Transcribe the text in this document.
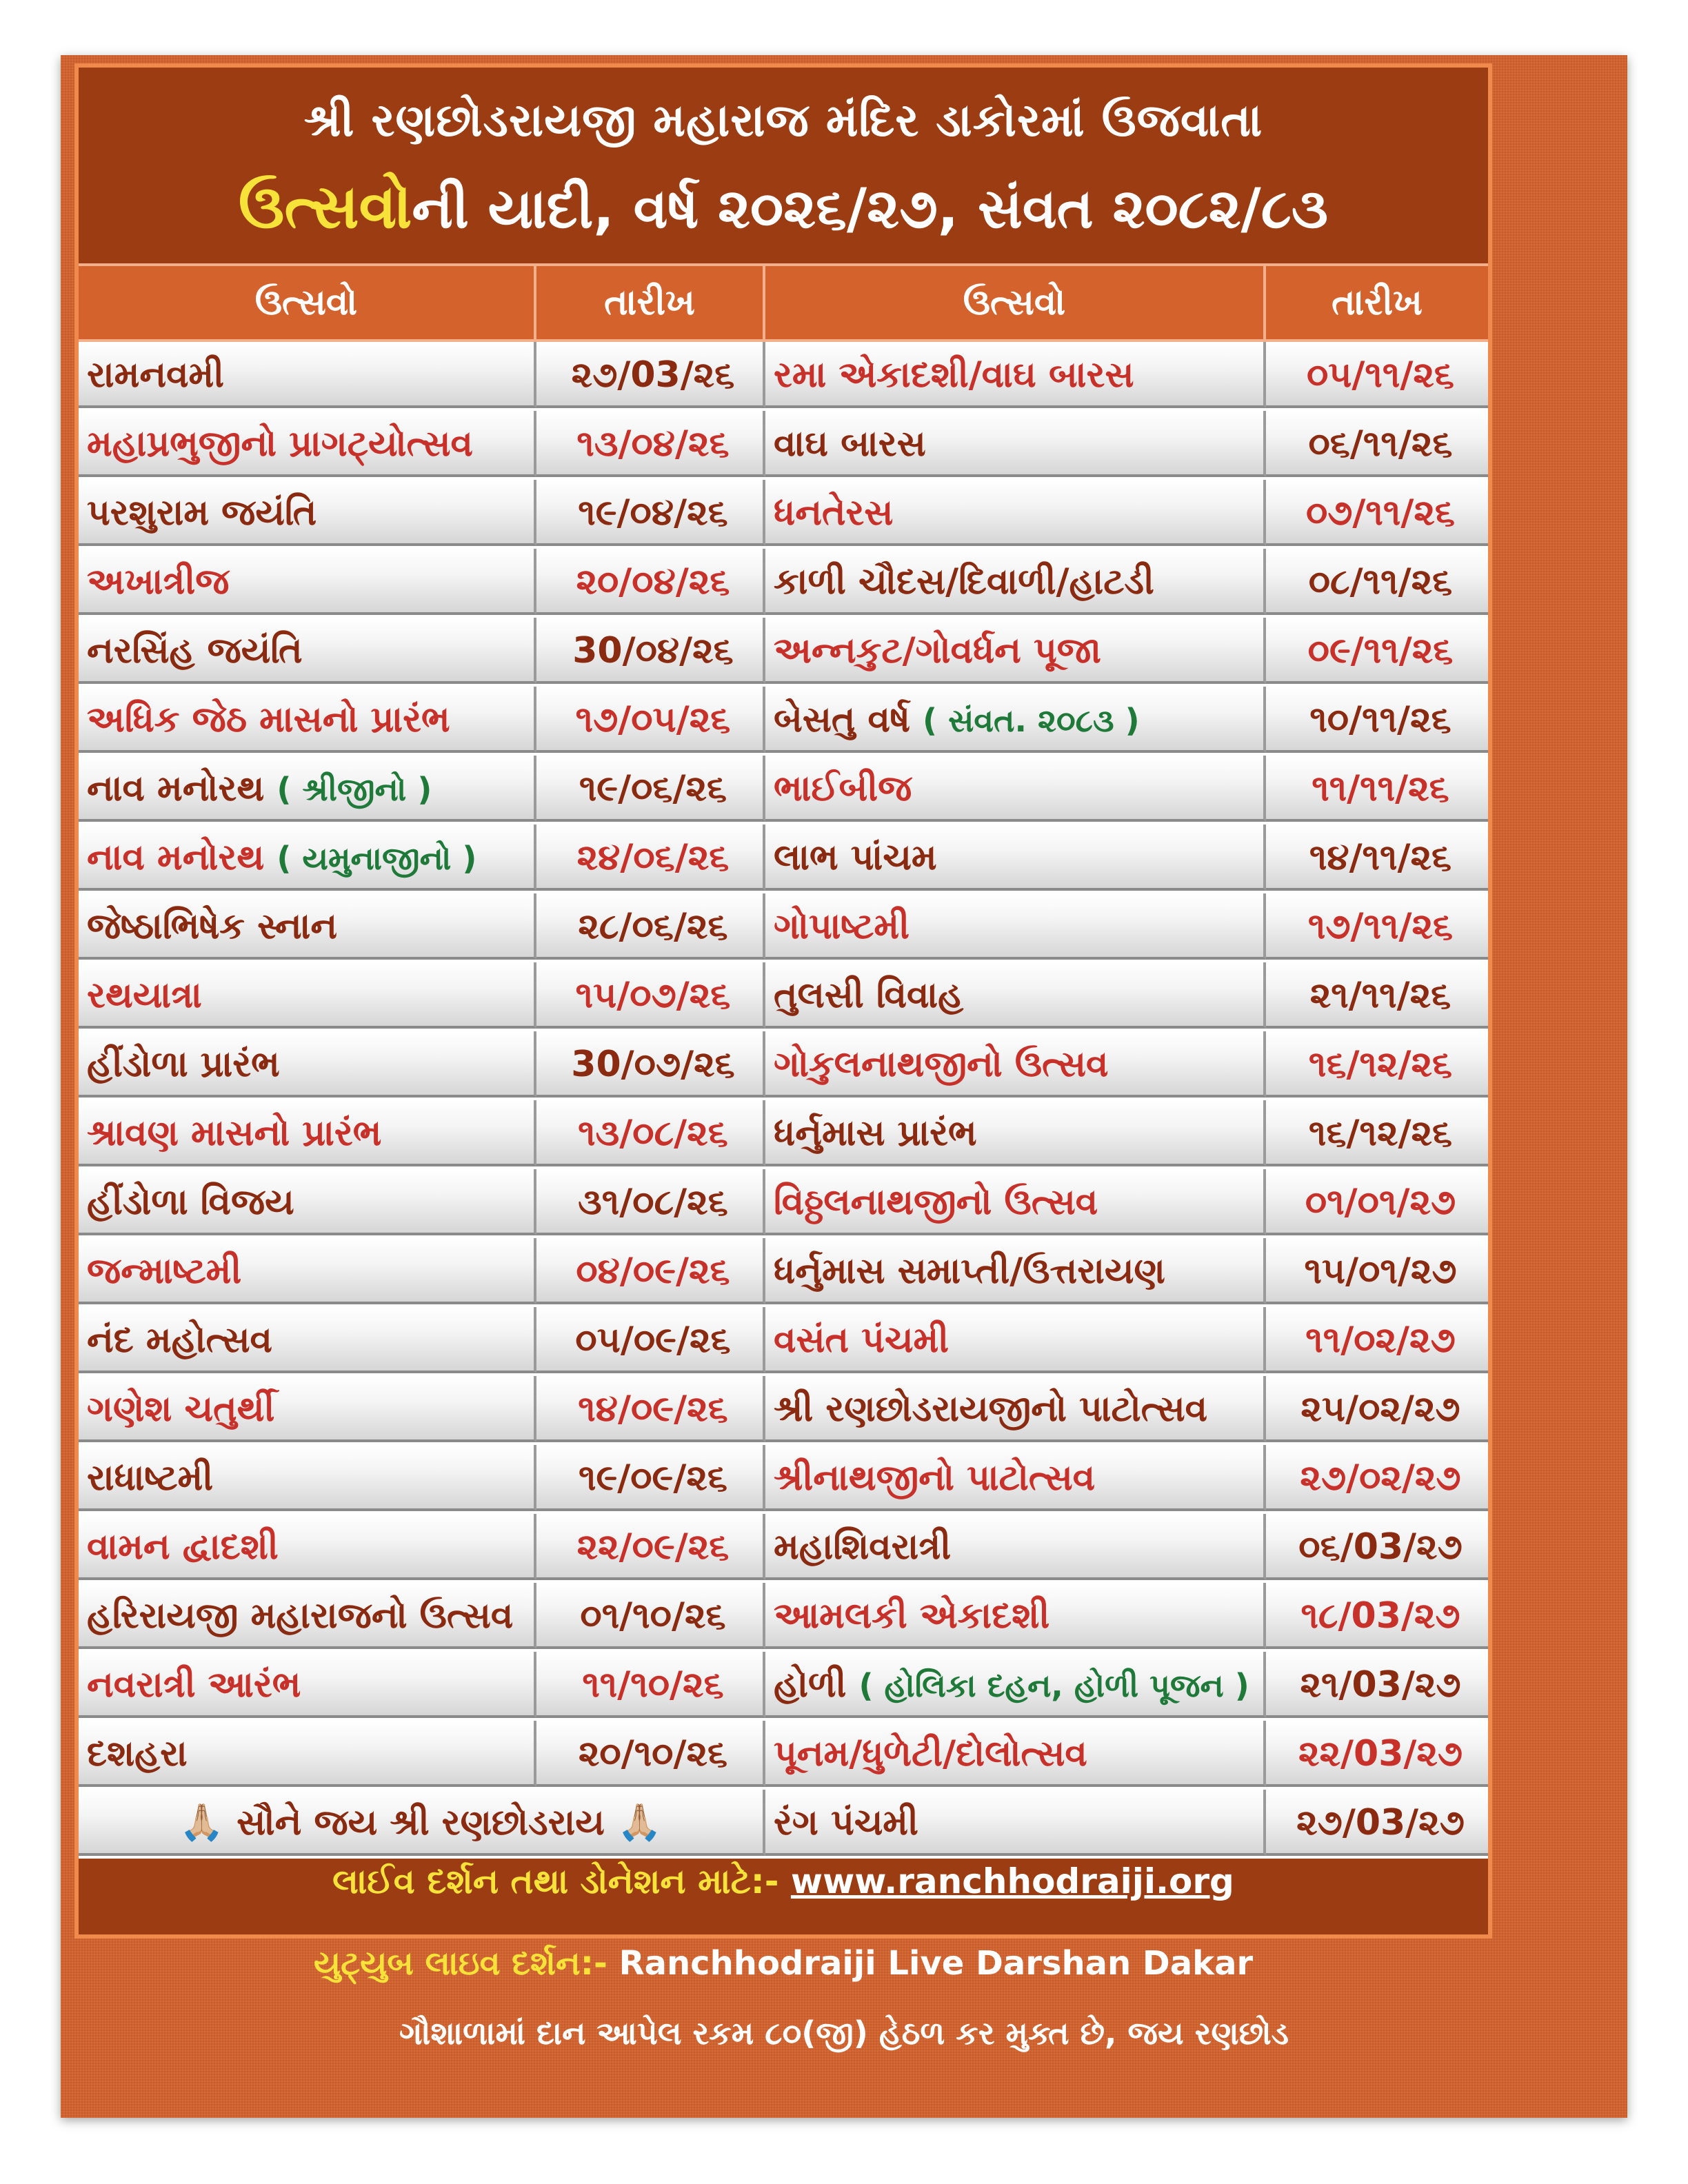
શ્રી રણછોડરાયજી મહારાજ મંદિર ડાકોરમાં ઉજવાતા
ઉત્સવોની યાદી, વર્ષ ૨૦૨૬/૨૭, સંવત ૨૦૮૨/૮૩
ઉત્સવો	તારીખ	ઉત્સવો	તારીખ
રામનવમી	૨૭/03/૨૬	રમા એકાદશી/વાઘ બારસ	૦૫/૧૧/૨૬
મહાપ્રભુજીનો પ્રાગટ્યોત્સવ	૧૩/૦૪/૨૬	વાઘ બારસ	૦૬/૧૧/૨૬
પરશુરામ જયંતિ	૧૯/૦૪/૨૬	ધનતેરસ	૦૭/૧૧/૨૬
અખાત્રીજ	૨૦/૦૪/૨૬	કાળી ચૌદસ/દિવાળી/હાટડી	૦૮/૧૧/૨૬
નરસિંહ જયંતિ	30/૦૪/૨૬	અન્નકુટ/ગોવર્ધન પૂજા	૦૯/૧૧/૨૬
અધિક જેઠ માસનો પ્રારંભ	૧૭/૦૫/૨૬	બેસતુ વર્ષ ( સંવત. ૨૦૮૩ )	૧૦/૧૧/૨૬
નાવ મનોરથ ( શ્રીજીનો )	૧૯/૦૬/૨૬	ભાઈબીજ	૧૧/૧૧/૨૬
નાવ મનોરથ ( યમુનાજીનો )	૨૪/૦૬/૨૬	લાભ પાંચમ	૧૪/૧૧/૨૬
જેષ્ઠાભિષેક સ્નાન	૨૮/૦૬/૨૬	ગોપાષ્ટમી	૧૭/૧૧/૨૬
રથયાત્રા	૧૫/૦૭/૨૬	તુલસી વિવાહ	૨૧/૧૧/૨૬
હીંડોળા પ્રારંભ	30/૦૭/૨૬	ગોકુલનાથજીનો ઉત્સવ	૧૬/૧૨/૨૬
શ્રાવણ માસનો પ્રારંભ	૧૩/૦૮/૨૬	ધર્નુમાસ પ્રારંભ	૧૬/૧૨/૨૬
હીંડોળા વિજય	૩૧/૦૮/૨૬	વિઠ્ઠલનાથજીનો ઉત્સવ	૦૧/૦૧/૨૭
જન્માષ્ટમી	૦૪/૦૯/૨૬	ધર્નુમાસ સમાપ્તી/ઉત્તરાયણ	૧૫/૦૧/૨૭
નંદ મહોત્સવ	૦૫/૦૯/૨૬	વસંત પંચમી	૧૧/૦૨/૨૭
ગણેશ ચતુર્થી	૧૪/૦૯/૨૬	શ્રી રણછોડરાયજીનો પાટોત્સવ	૨૫/૦૨/૨૭
રાધાષ્ટમી	૧૯/૦૯/૨૬	શ્રીનાથજીનો પાટોત્સવ	૨૭/૦૨/૨૭
વામન દ્વાદશી	૨૨/૦૯/૨૬	મહાશિવરાત્રી	૦૬/03/૨૭
હરિરાયજી મહારાજનો ઉત્સવ	૦૧/૧૦/૨૬	આમલકી એકાદશી	૧૮/03/૨૭
નવરાત્રી આરંભ	૧૧/૧૦/૨૬	હોળી ( હોલિકા દહન, હોળી પૂજન )	૨૧/03/૨૭
દશહરા	૨૦/૧૦/૨૬	પૂનમ/ધુળેટી/દોલોત્સવ	૨૨/03/૨૭
🙏🏼 સૌને જય શ્રી રણછોડરાય 🙏🏼	રંગ પંચમી	૨૭/03/૨૭
લાઈવ દર્શન તથા ડોનેશન માટે:- www.ranchhodraiji.org
યુટ્યુબ લાઇવ દર્શન:- Ranchhodraiji Live Darshan Dakar
ગૌશાળામાં દાન આપેલ રકમ ૮૦(જી) હેઠળ કર મુક્ત છે, જય રણછોડ
